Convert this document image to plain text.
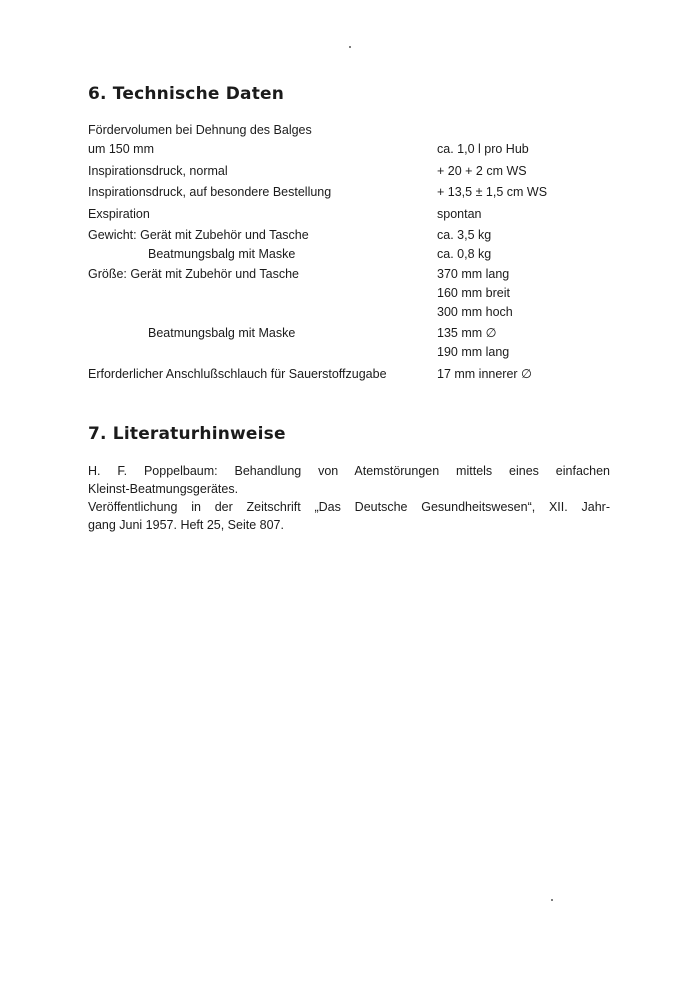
6. Technische Daten
Fördervolumen bei Dehnung des Balges
um 150 mm	ca. 1,0 l pro Hub
Inspirationsdruck, normal	+ 20 + 2 cm WS
Inspirationsdruck, auf besondere Bestellung	+ 13,5 ± 1,5 cm WS
Exspiration	spontan
Gewicht: Gerät mit Zubehör und Tasche	ca. 3,5 kg
Beatmungsbalg mit Maske	ca. 0,8 kg
Größe: Gerät mit Zubehör und Tasche	370 mm lang
160 mm breit
300 mm hoch
Beatmungsbalg mit Maske	135 mm ∅
190 mm lang
Erforderlicher Anschlußschlauch für Sauerstoffzugabe	17 mm innerer ∅
7. Literaturhinweise
H. F. Poppelbaum: Behandlung von Atemstörungen mittels eines einfachen
Kleinst-Beatmungsgerätes.
Veröffentlichung in der Zeitschrift „Das Deutsche Gesundheitswesen“, XII. Jahr-
gang Juni 1957. Heft 25, Seite 807.
